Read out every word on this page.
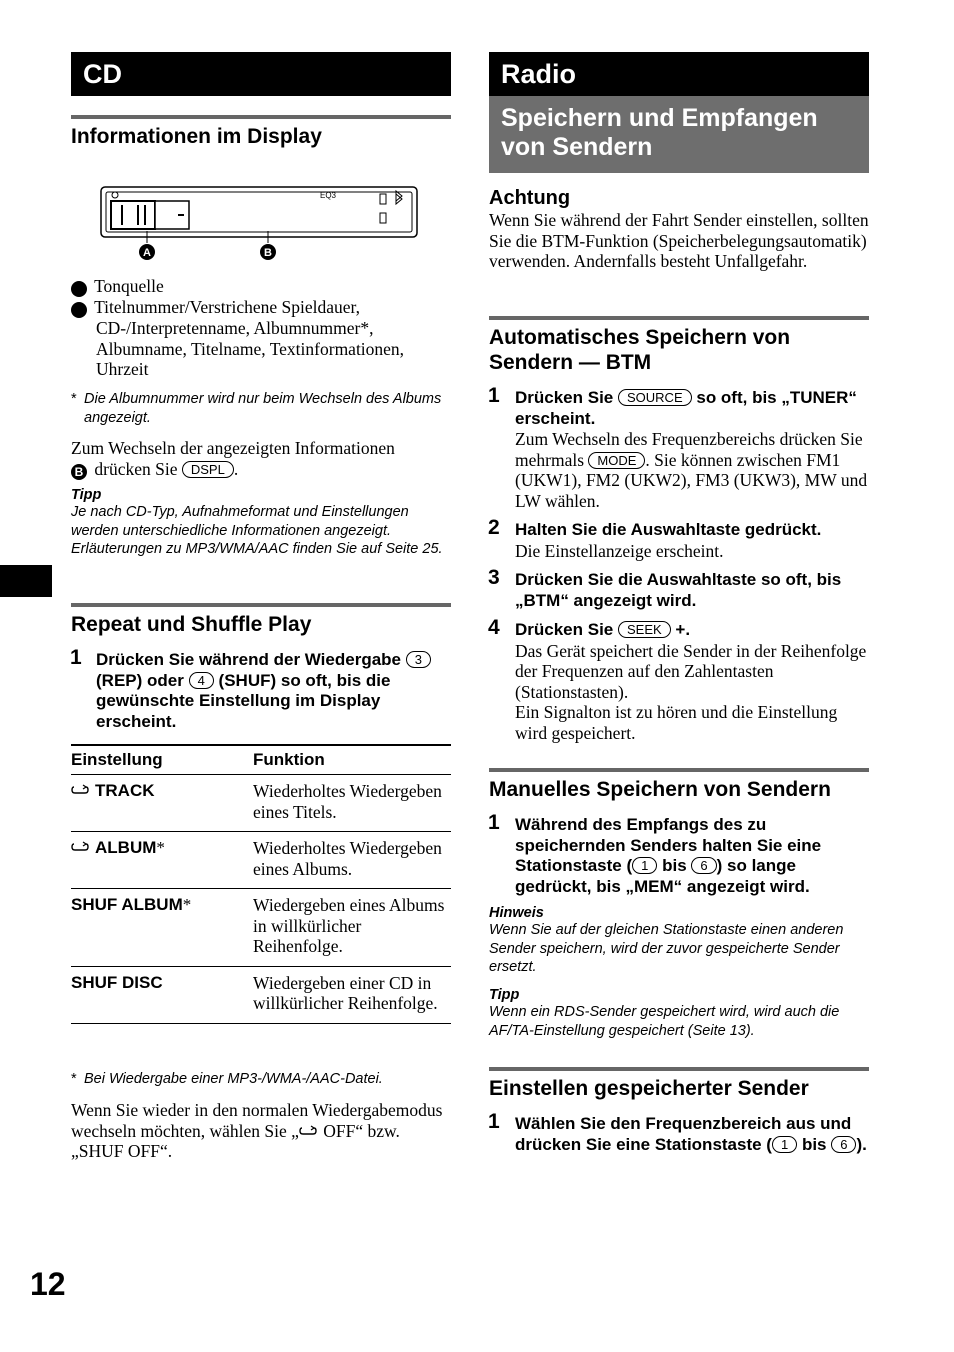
CD
Informationen im Display
EQ3
A	B
A Tonquelle
B Titelnummer/Verstrichene Spieldauer, CD-/Interpretenname, Albumnummer*, Albumname, Titelname, Textinformationen, Uhrzeit
* Die Albumnummer wird nur beim Wechseln des Albums angezeigt.
Zum Wechseln der angezeigten Informationen
B drücken Sie DSPL .
Tipp
Je nach CD-Typ, Aufnahmeformat und Einstellungen werden unterschiedliche Informationen angezeigt. Erläuterungen zu MP3/WMA/AAC finden Sie auf Seite 25.
Repeat und Shuffle Play
1 Drücken Sie während der Wiedergabe 3 (REP) oder 4 (SHUF) so oft, bis die gewünschte Einstellung im Display erscheint.
Einstellung	Funktion
TRACK	Wiederholtes Wiedergeben eines Titels.
ALBUM*	Wiederholtes Wiedergeben eines Albums.
SHUF ALBUM*	Wiedergeben eines Albums in willkürlicher Reihenfolge.
SHUF DISC	Wiedergeben einer CD in willkürlicher Reihenfolge.
* Bei Wiedergabe einer MP3-/WMA-/AAC-Datei.
Wenn Sie wieder in den normalen Wiedergabemodus wechseln möchten, wählen Sie „ OFF“ bzw. „SHUF OFF“.
12
Radio
Speichern und Empfangen von Sendern
Achtung
Wenn Sie während der Fahrt Sender einstellen, sollten Sie die BTM-Funktion (Speicherbelegungsautomatik) verwenden. Andernfalls besteht Unfallgefahr.
Automatisches Speichern von Sendern — BTM
1 Drücken Sie SOURCE so oft, bis „TUNER“ erscheint.
Zum Wechseln des Frequenzbereichs drücken Sie mehrmals MODE . Sie können zwischen FM1 (UKW1), FM2 (UKW2), FM3 (UKW3), MW und LW wählen.
2 Halten Sie die Auswahltaste gedrückt.
Die Einstellanzeige erscheint.
3 Drücken Sie die Auswahltaste so oft, bis „BTM“ angezeigt wird.
4 Drücken Sie SEEK +.
Das Gerät speichert die Sender in der Reihenfolge der Frequenzen auf den Zahlentasten (Stationstasten).
Ein Signalton ist zu hören und die Einstellung wird gespeichert.
Manuelles Speichern von Sendern
1 Während des Empfangs des zu speichernden Senders halten Sie eine Stationstaste ( 1 bis 6 ) so lange gedrückt, bis „MEM“ angezeigt wird.
Hinweis
Wenn Sie auf der gleichen Stationstaste einen anderen Sender speichern, wird der zuvor gespeicherte Sender ersetzt.
Tipp
Wenn ein RDS-Sender gespeichert wird, wird auch die AF/TA-Einstellung gespeichert (Seite 13).
Einstellen gespeicherter Sender
1 Wählen Sie den Frequenzbereich aus und drücken Sie eine Stationstaste ( 1 bis 6 ).
